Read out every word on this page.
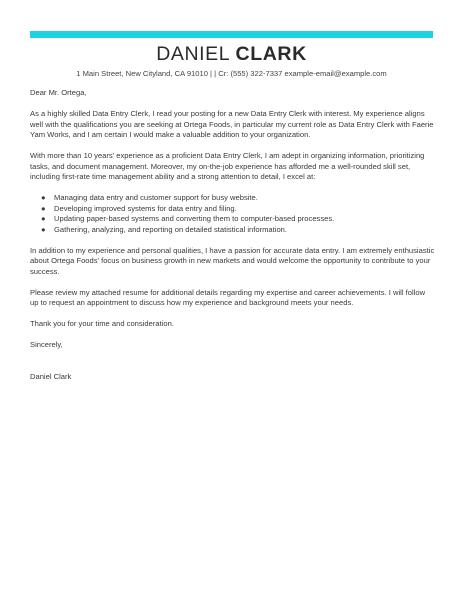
DANIEL CLARK
1 Main Street, New Cityland, CA 91010 | | Cr: (555) 322-7337 example-email@example.com

Dear Mr. Ortega,

As a highly skilled Data Entry Clerk, I read your posting for a new Data Entry Clerk with interest. My experience aligns well with the qualifications you are seeking at Ortega Foods, in particular my current role as Data Entry Clerk with Faerie Yam Works, and I am certain I would make a valuable addition to your organization.

With more than 10 years' experience as a proficient Data Entry Clerk, I am adept in organizing information, prioritizing tasks, and document management. Moreover, my on-the-job experience has afforded me a well-rounded skill set, including first-rate time management ability and a strong attention to detail, I excel at:

● Managing data entry and customer support for busy website.
● Developing improved systems for data entry and filing.
● Updating paper-based systems and converting them to computer-based processes.
● Gathering, analyzing, and reporting on detailed statistical information.

In addition to my experience and personal qualities, I have a passion for accurate data entry. I am extremely enthusiastic about Ortega Foods' focus on business growth in new markets and would welcome the opportunity to contribute to your success.

Please review my attached resume for additional details regarding my expertise and career achievements. I will follow up to request an appointment to discuss how my experience and background meets your needs.

Thank you for your time and consideration.

Sincerely,

Daniel Clark
